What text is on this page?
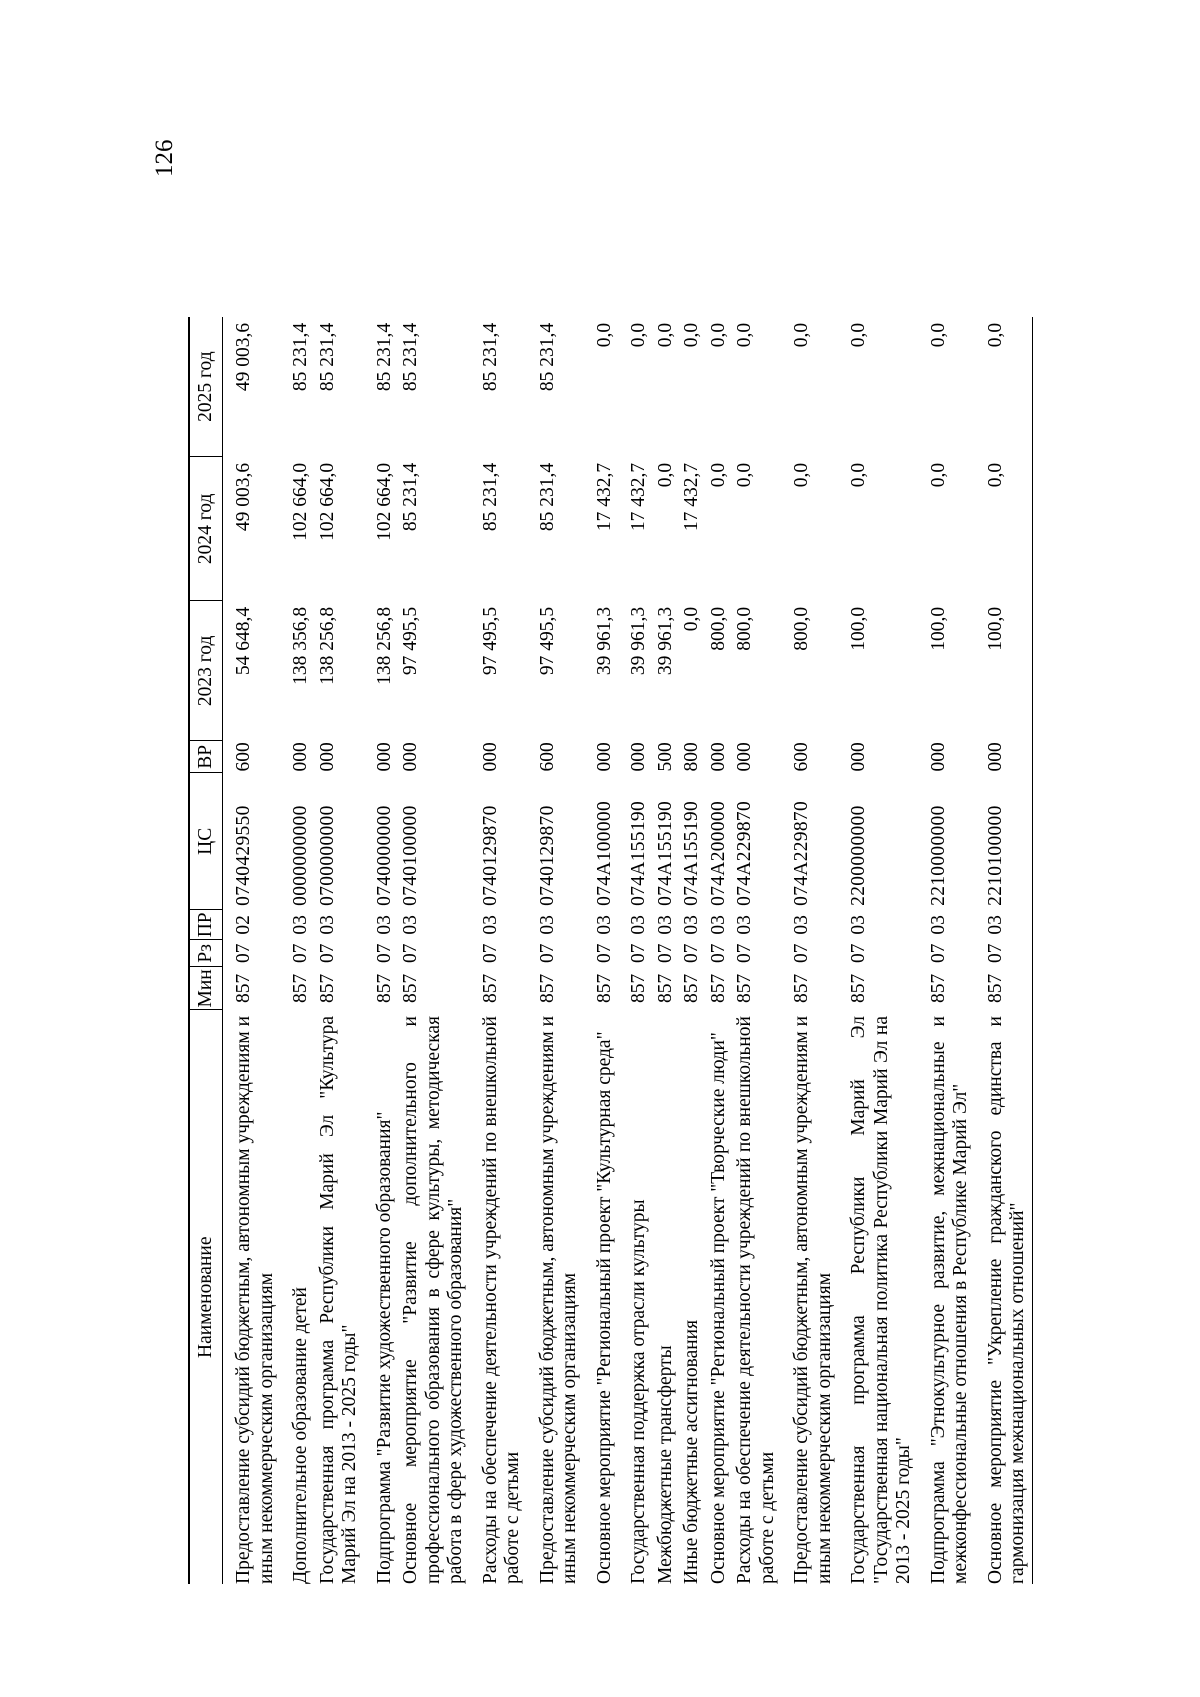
126
Наименование	Мин	Рз	ПР	ЦС	ВР	2023 год	2024 год	2025 год
Предоставление субсидий бюджетным, автономным учреждениям и иным некоммерческим организациям	857	07	02	0740429550	600	54 648,4	49 003,6	49 003,6
Дополнительное образование детей	857	07	03	0000000000	000	138 356,8	102 664,0	85 231,4
Государственная программа Республики Марий Эл "Культура Марий Эл на 2013 - 2025 годы"	857	07	03	0700000000	000	138 256,8	102 664,0	85 231,4
Подпрограмма "Развитие художественного образования"	857	07	03	0740000000	000	138 256,8	102 664,0	85 231,4
Основное мероприятие "Развитие дополнительного и профессионального образования в сфере культуры, методическая работа в сфере художественного образования"	857	07	03	0740100000	000	97 495,5	85 231,4	85 231,4
Расходы на обеспечение деятельности учреждений по внешкольной работе с детьми	857	07	03	0740129870	000	97 495,5	85 231,4	85 231,4
Предоставление субсидий бюджетным, автономным учреждениям и иным некоммерческим организациям	857	07	03	0740129870	600	97 495,5	85 231,4	85 231,4
Основное мероприятие "Региональный проект "Культурная среда"	857	07	03	074A100000	000	39 961,3	17 432,7	0,0
Государственная поддержка отрасли культуры	857	07	03	074A155190	000	39 961,3	17 432,7	0,0
Межбюджетные трансферты	857	07	03	074A155190	500	39 961,3	0,0	0,0
Иные бюджетные ассигнования	857	07	03	074A155190	800	0,0	17 432,7	0,0
Основное мероприятие "Региональный проект "Творческие люди"	857	07	03	074A200000	000	800,0	0,0	0,0
Расходы на обеспечение деятельности учреждений по внешкольной работе с детьми	857	07	03	074A229870	000	800,0	0,0	0,0
Предоставление субсидий бюджетным, автономным учреждениям и иным некоммерческим организациям	857	07	03	074A229870	600	800,0	0,0	0,0
Государственная программа Республики Марий Эл "Государственная национальная политика Республики Марий Эл на 2013 - 2025 годы"	857	07	03	2200000000	000	100,0	0,0	0,0
Подпрограмма "Этнокультурное развитие, межнациональные и межконфессиональные отношения в Республике Марий Эл"	857	07	03	2210000000	000	100,0	0,0	0,0
Основное мероприятие "Укрепление гражданского единства и гармонизация межнациональных отношений"	857	07	03	2210100000	000	100,0	0,0	0,0
